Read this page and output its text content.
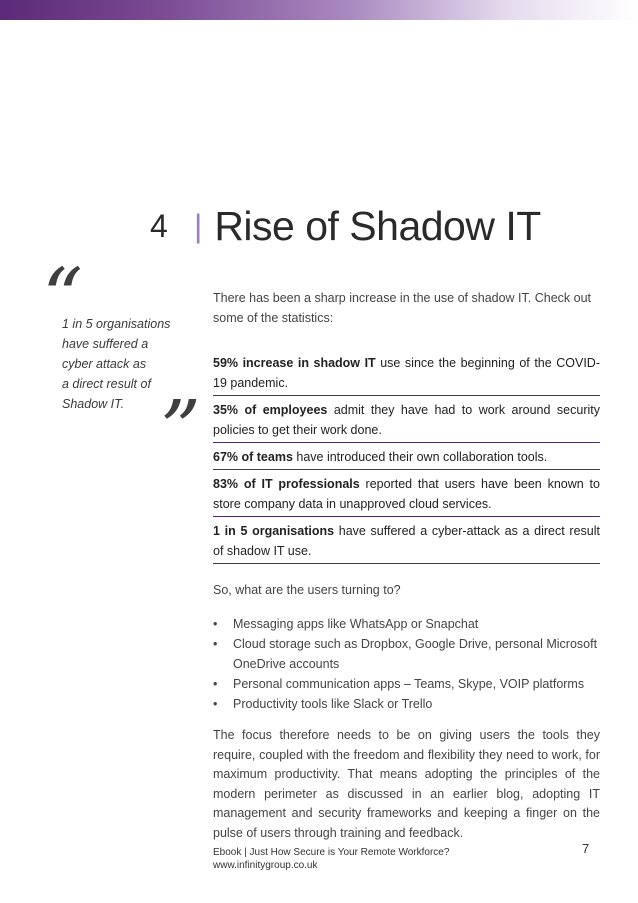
4 | Rise of Shadow IT
“
1 in 5 organisations
have suffered a
cyber attack as
a direct result of
Shadow IT. ”

There has been a sharp increase in the use of shadow IT. Check out some of the statistics:

59% increase in shadow IT use since the beginning of the COVID-19 pandemic.
35% of employees admit they have had to work around security policies to get their work done.
67% of teams have introduced their own collaboration tools.
83% of IT professionals reported that users have been known to store company data in unapproved cloud services.
1 in 5 organisations have suffered a cyber-attack as a direct result of shadow IT use.
So, what are the users turning to?
• Messaging apps like WhatsApp or Snapchat
• Cloud storage such as Dropbox, Google Drive, personal Microsoft OneDrive accounts
• Personal communication apps – Teams, Skype, VOIP platforms
• Productivity tools like Slack or Trello
The focus therefore needs to be on giving users the tools they require, coupled with the freedom and flexibility they need to work, for maximum productivity. That means adopting the principles of the modern perimeter as discussed in an earlier blog, adopting IT management and security frameworks and keeping a finger on the pulse of users through training and feedback.
Ebook | Just How Secure is Your Remote Workforce?
www.infinitygroup.co.uk
7
